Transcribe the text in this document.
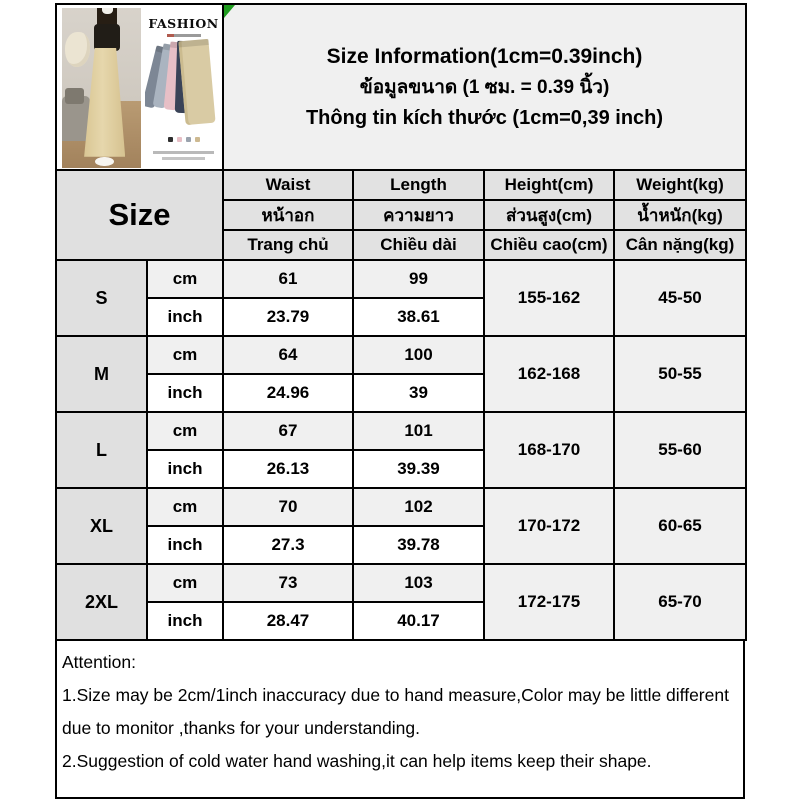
FASHION		Size Information(1cm=0.39inch)
ข้อมูลขนาด (1 ซม. = 0.39 นิ้ว)
Thông tin kích thước (1cm=0,39 inch)			

Size		Waist	Length	Height(cm)	Weight(kg)
		หน้าอก	ความยาว	ส่วนสูง(cm)	น้ำหนัก(kg)
		Trang chủ	Chiều dài	Chiều cao(cm)	Cân nặng(kg)
S	cm	61	99	155-162	45-50
	inch	23.79	38.61		
M	cm	64	100	162-168	50-55
	inch	24.96	39		
L	cm	67	101	168-170	55-60
	inch	26.13	39.39		
XL	cm	70	102	170-172	60-65
	inch	27.3	39.78		
2XL	cm	73	103	172-175	65-70
	inch	28.47	40.17		
Attention:
1.Size may be 2cm/1inch inaccuracy due to hand measure,Color may be little different due to monitor ,thanks for your understanding.
2.Suggestion of cold water hand washing,it can help items keep their shape.
